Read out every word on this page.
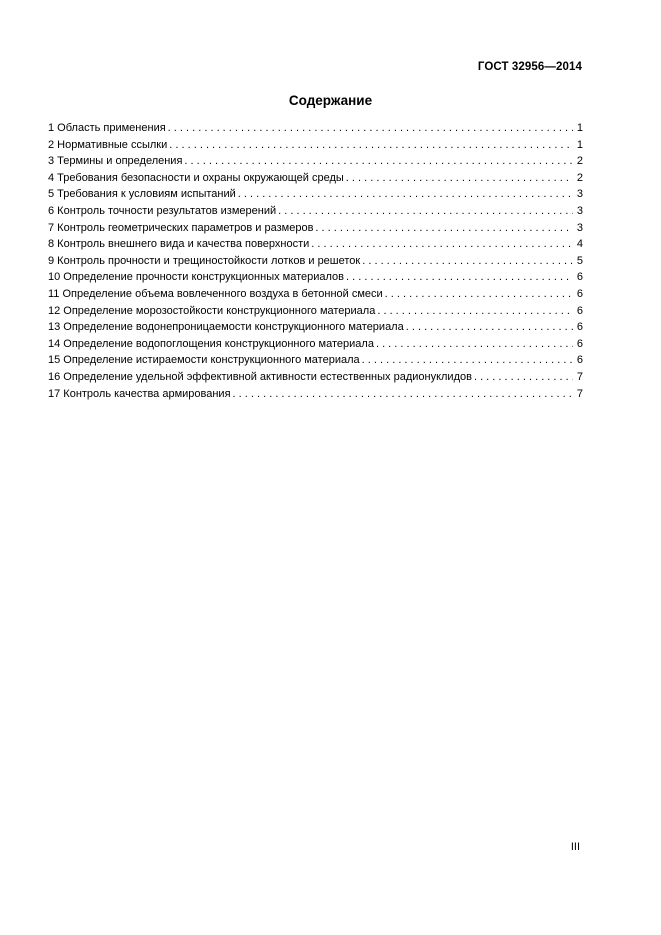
ГОСТ 32956—2014
Содержание
1 Область применения . . .	1
2 Нормативные ссылки . . .	1
3 Термины и определения . . .	2
4 Требования безопасности и охраны окружающей среды . . .	2
5 Требования к условиям испытаний . . .	3
6 Контроль точности результатов измерений . . .	3
7 Контроль геометрических параметров и размеров . . .	3
8 Контроль внешнего вида и качества поверхности . . .	4
9 Контроль прочности и трещиностойкости лотков и решеток . . .	5
10 Определение прочности конструкционных материалов . . .	6
11 Определение объема вовлеченного воздуха в бетонной смеси . . .	6
12 Определение морозостойкости конструкционного материала . . .	6
13 Определение водонепроницаемости конструкционного материала . . .	6
14 Определение водопоглощения конструкционного материала . . .	6
15 Определение истираемости конструкционного материала . . .	6
16 Определение удельной эффективной активности естественных радионуклидов . . .	7
17 Контроль качества армирования . . .	7
III
